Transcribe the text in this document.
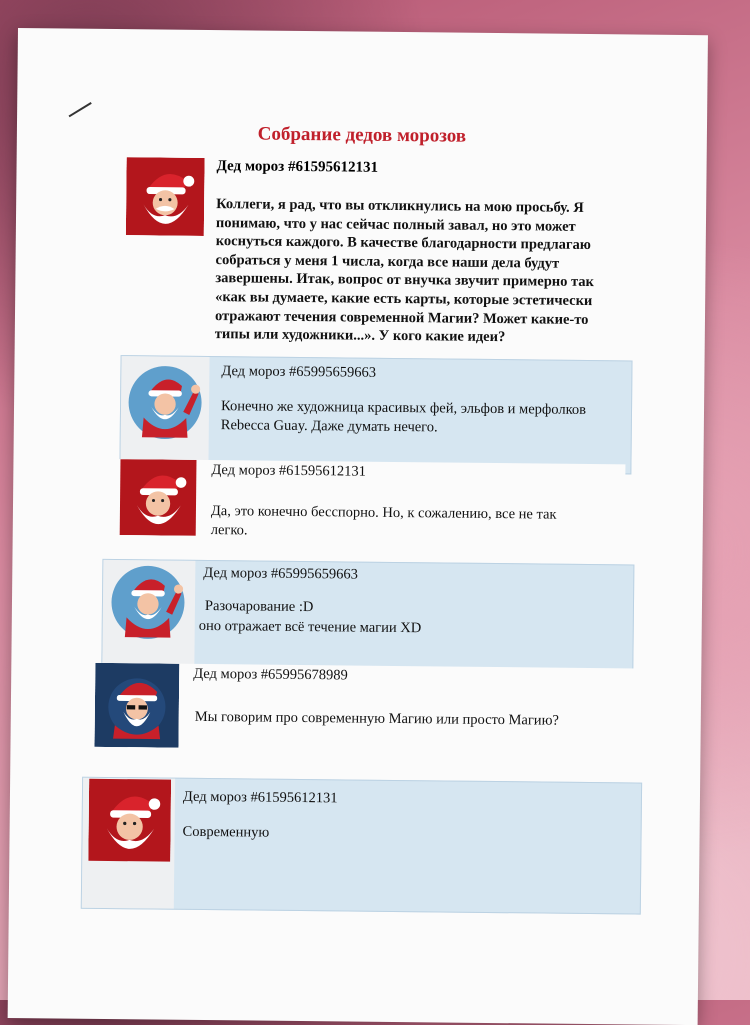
Собрание дедов морозов
Дед мороз #61595612131
Коллеги, я рад, что вы откликнулись на мою просьбу. Я понимаю, что у нас сейчас полный завал, но это может коснуться каждого. В качестве благодарности предлагаю собраться у меня 1 числа, когда все наши дела будут завершены. Итак, вопрос от внучка звучит примерно так «как вы думаете, какие есть карты, которые эстетически отражают течения современной Магии? Может какие-то типы или художники...». У кого какие идеи?
Дед мороз #65995659663
Конечно же художница красивых фей, эльфов и мерфолков Rebecca Guay. Даже думать нечего.
Дед мороз #61595612131
Да, это конечно бесспорно. Но, к сожалению, все не так легко.
Дед мороз #65995659663
Разочарование :D
оно отражает всё течение магии XD
Дед мороз #65995678989
Мы говорим про современную Магию или просто Магию?
Дед мороз #61595612131
Современную
